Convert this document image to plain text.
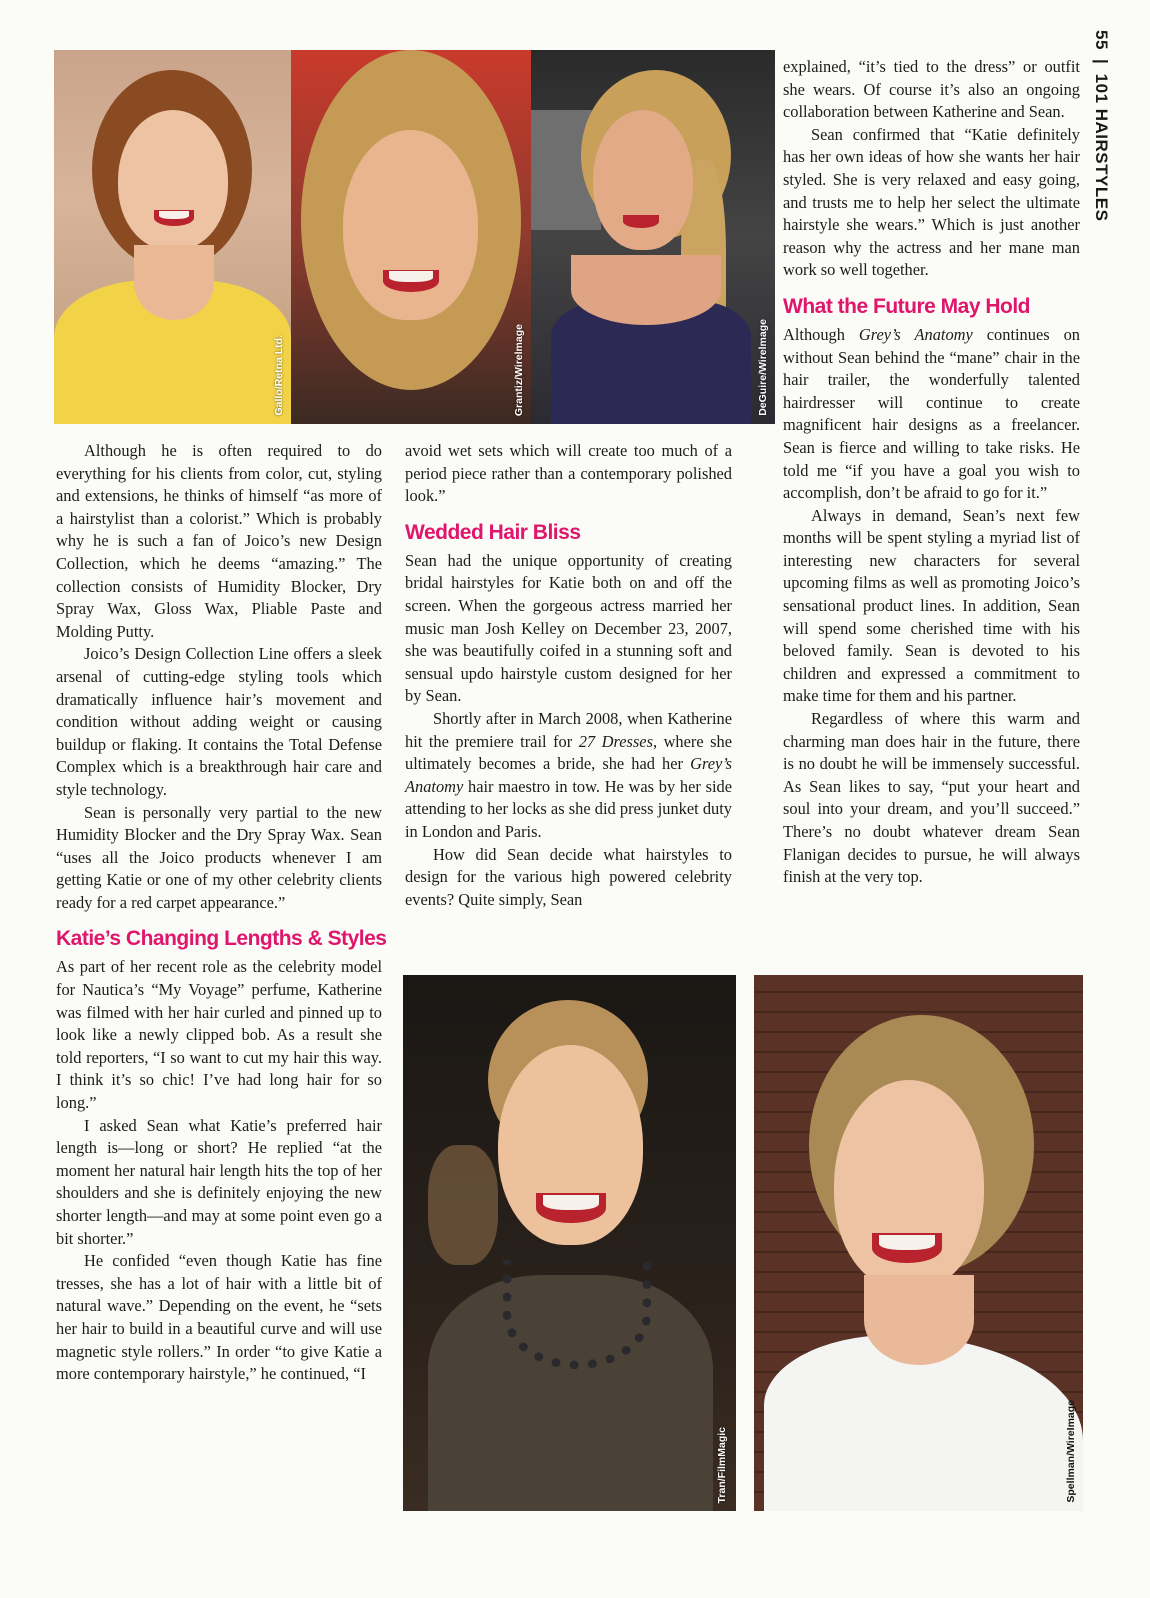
55 | 101 HAIRSTYLES
Gallo/Retna Ltd.	Grantiz/Wirelmage	DeGuire/Wirelmage
Tran/FilmMagic	Spellman/WireImage

Although he is often required to do everything for his clients from color, cut, styling and extensions, he thinks of himself “as more of a hairstylist than a colorist.” Which is probably why he is such a fan of Joico’s new Design Collection, which he deems “amazing.” The collection consists of Humidity Blocker, Dry Spray Wax, Gloss Wax, Pliable Paste and Molding Putty.

Joico’s Design Collection Line offers a sleek arsenal of cutting-edge styling tools which dramatically influence hair’s movement and condition without adding weight or causing buildup or flaking. It contains the Total Defense Complex which is a breakthrough hair care and style technology.

Sean is personally very partial to the new Humidity Blocker and the Dry Spray Wax. Sean “uses all the Joico products whenever I am getting Katie or one of my other celebrity clients ready for a red carpet appearance.”

Katie’s Changing Lengths & Styles

As part of her recent role as the celebrity model for Nautica’s “My Voyage” perfume, Katherine was filmed with her hair curled and pinned up to look like a newly clipped bob. As a result she told reporters, “I so want to cut my hair this way. I think it’s so chic! I’ve had long hair for so long.”

I asked Sean what Katie’s preferred hair length is—long or short? He replied “at the moment her natural hair length hits the top of her shoulders and she is definitely enjoying the new shorter length—and may at some point even go a bit shorter.”

He confided “even though Katie has fine tresses, she has a lot of hair with a little bit of natural wave.” Depending on the event, he “sets her hair to build in a beautiful curve and will use magnetic style rollers.” In order “to give Katie a more contemporary hairstyle,” he continued, “I

avoid wet sets which will create too much of a period piece rather than a contemporary polished look.”

Wedded Hair Bliss

Sean had the unique opportunity of creating bridal hairstyles for Katie both on and off the screen. When the gorgeous actress married her music man Josh Kelley on December 23, 2007, she was beautifully coifed in a stunning soft and sensual updo hairstyle custom designed for her by Sean.

Shortly after in March 2008, when Katherine hit the premiere trail for 27 Dresses, where she ultimately becomes a bride, she had her Grey’s Anatomy hair maestro in tow. He was by her side attending to her locks as she did press junket duty in London and Paris.

How did Sean decide what hairstyles to design for the various high powered celebrity events? Quite simply, Sean

explained, “it’s tied to the dress” or outfit she wears. Of course it’s also an ongoing collaboration between Katherine and Sean.

Sean confirmed that “Katie definitely has her own ideas of how she wants her hair styled. She is very relaxed and easy going, and trusts me to help her select the ultimate hairstyle she wears.” Which is just another reason why the actress and her mane man work so well together.

What the Future May Hold

Although Grey’s Anatomy continues on without Sean behind the “mane” chair in the hair trailer, the wonderfully talented hairdresser will continue to create magnificent hair designs as a freelancer. Sean is fierce and willing to take risks. He told me “if you have a goal you wish to accomplish, don’t be afraid to go for it.”

Always in demand, Sean’s next few months will be spent styling a myriad list of interesting new characters for several upcoming films as well as promoting Joico’s sensational product lines. In addition, Sean will spend some cherished time with his beloved family. Sean is devoted to his children and expressed a commitment to make time for them and his partner.

Regardless of where this warm and charming man does hair in the future, there is no doubt he will be immensely successful. As Sean likes to say, “put your heart and soul into your dream, and you’ll succeed.” There’s no doubt whatever dream Sean Flanigan decides to pursue, he will always finish at the very top.
